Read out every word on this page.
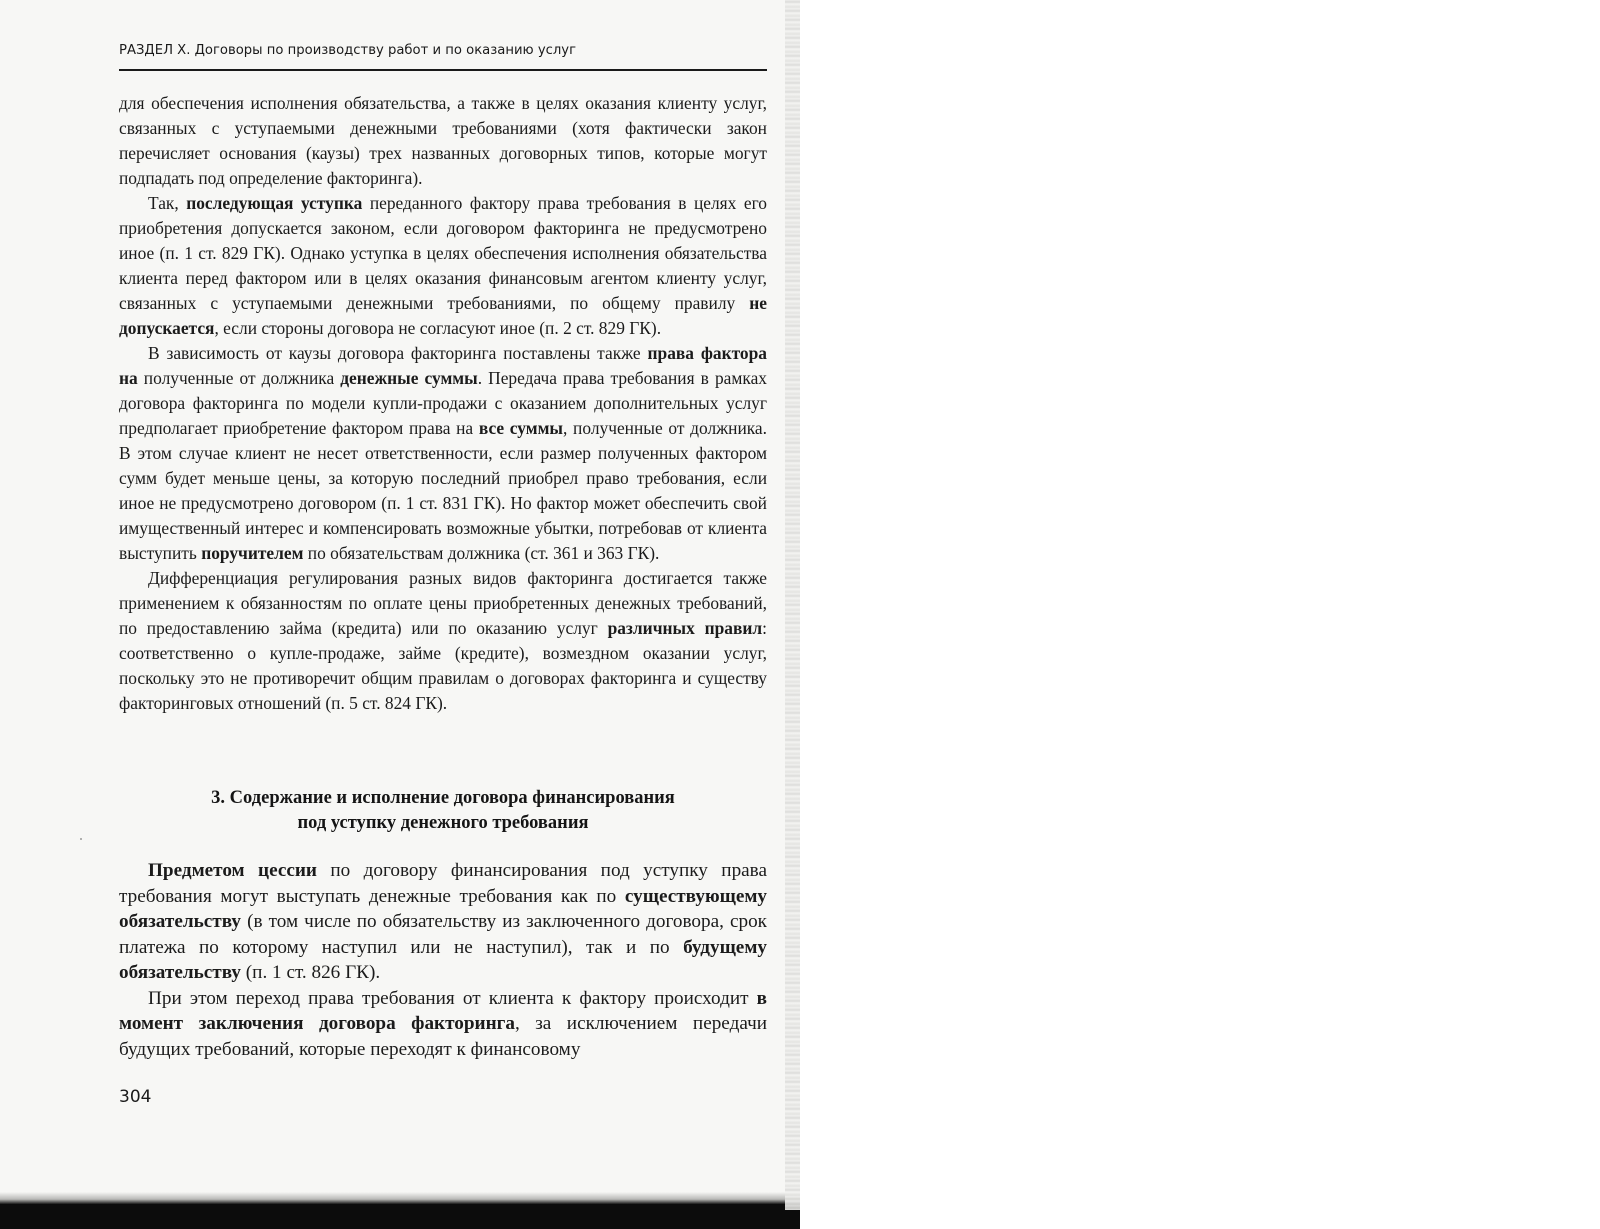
РАЗДЕЛ X. Договоры по производству работ и по оказанию услуг

для обеспечения исполнения обязательства, а также в целях оказания клиенту услуг, связанных с уступаемыми денежными требованиями (хотя фактически закон перечисляет основания (каузы) трех названных договорных типов, которые могут подпадать под определение факторинга).

Так, последующая уступка переданного фактору права требования в целях его приобретения допускается законом, если договором факторинга не предусмотрено иное (п. 1 ст. 829 ГК). Однако уступка в целях обеспечения исполнения обязательства клиента перед фактором или в целях оказания финансовым агентом клиенту услуг, связанных с уступаемыми денежными требованиями, по общему правилу не допускается, если стороны договора не согласуют иное (п. 2 ст. 829 ГК).

В зависимость от каузы договора факторинга поставлены также права фактора на полученные от должника денежные суммы. Передача права требования в рамках договора факторинга по модели купли-продажи с оказанием дополнительных услуг предполагает приобретение фактором права на все суммы, полученные от должника. В этом случае клиент не несет ответственности, если размер полученных фактором сумм будет меньше цены, за которую последний приобрел право требования, если иное не предусмотрено договором (п. 1 ст. 831 ГК). Но фактор может обеспечить свой имущественный интерес и компенсировать возможные убытки, потребовав от клиента выступить поручителем по обязательствам должника (ст. 361 и 363 ГК).

Дифференциация регулирования разных видов факторинга достигается также применением к обязанностям по оплате цены приобретенных денежных требований, по предоставлению займа (кредита) или по оказанию услуг различных правил: соответственно о купле-продаже, займе (кредите), возмездном оказании услуг, поскольку это не противоречит общим правилам о договорах факторинга и существу факторинговых отношений (п. 5 ст. 824 ГК).

3. Содержание и исполнение договора финансирования
под уступку денежного требования

Предметом цессии по договору финансирования под уступку права требования могут выступать денежные требования как по существующему обязательству (в том числе по обязательству из заключенного договора, срок платежа по которому наступил или не наступил), так и по будущему обязательству (п. 1 ст. 826 ГК).

При этом переход права требования от клиента к фактору происходит в момент заключения договора факторинга, за исключением передачи будущих требований, которые переходят к финансовому

304
